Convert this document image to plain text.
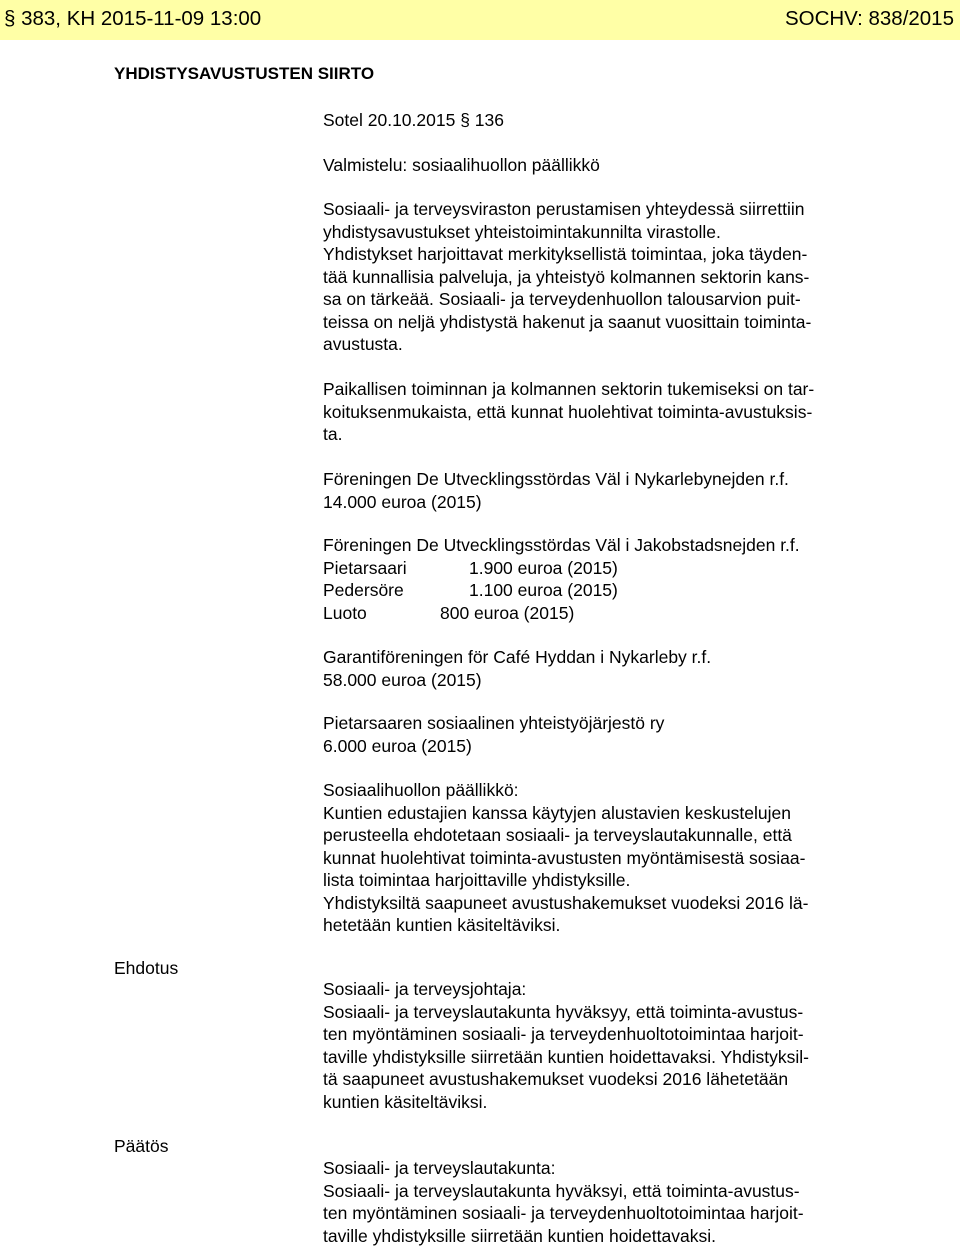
§ 383, KH 2015-11-09 13:00	SOCHV: 838/2015
YHDISTYSAVUSTUSTEN SIIRTO
Sotel 20.10.2015 § 136
Valmistelu: sosiaalihuollon päällikkö

Sosiaali- ja terveysviraston perustamisen yhteydessä siirrettiin

yhdistysavustukset yhteistoimintakunnilta virastolle.

Yhdistykset harjoittavat merkityksellistä toimintaa, joka täyden-

tää kunnallisia palveluja, ja yhteistyö kolmannen sektorin kans-

sa on tärkeää. Sosiaali- ja terveydenhuollon talousarvion puit-

teissa on neljä yhdistystä hakenut ja saanut vuosittain toiminta-

avustusta.

Paikallisen toiminnan ja kolmannen sektorin tukemiseksi on tar-

koituksenmukaista, että kunnat huolehtivat toiminta-avustuksis-

ta.

Föreningen De Utvecklingsstördas Väl i Nykarlebynejden r.f.

14.000 euroa (2015)

Föreningen De Utvecklingsstördas Väl i Jakobstadsnejden r.f.

Pietarsaari	1.900 euroa (2015)
Pedersöre	1.100 euroa (2015)
Luoto	800 euroa (2015)

Garantiföreningen för Café Hyddan i Nykarleby r.f.

58.000 euroa (2015)

Pietarsaaren sosiaalinen yhteistyöjärjestö ry

6.000 euroa (2015)

Sosiaalihuollon päällikkö:

Kuntien edustajien kanssa käytyjen alustavien keskustelujen

perusteella ehdotetaan sosiaali- ja terveyslautakunnalle, että

kunnat huolehtivat toiminta-avustusten myöntämisestä sosiaa-

lista toimintaa harjoittaville yhdistyksille.

Yhdistyksiltä saapuneet avustushakemukset vuodeksi 2016 lä-

hetetään kuntien käsiteltäviksi.

Ehdotus

Sosiaali- ja terveysjohtaja:

Sosiaali- ja terveyslautakunta hyväksyy, että toiminta-avustus-

ten myöntäminen sosiaali- ja terveydenhuoltotoimintaa harjoit-

taville yhdistyksille siirretään kuntien hoidettavaksi. Yhdistyksil-

tä saapuneet avustushakemukset vuodeksi 2016 lähetetään

kuntien käsiteltäviksi.

Päätös

Sosiaali- ja terveyslautakunta:

Sosiaali- ja terveyslautakunta hyväksyi, että toiminta-avustus-

ten myöntäminen sosiaali- ja terveydenhuoltotoimintaa harjoit-

taville yhdistyksille siirretään kuntien hoidettavaksi.
